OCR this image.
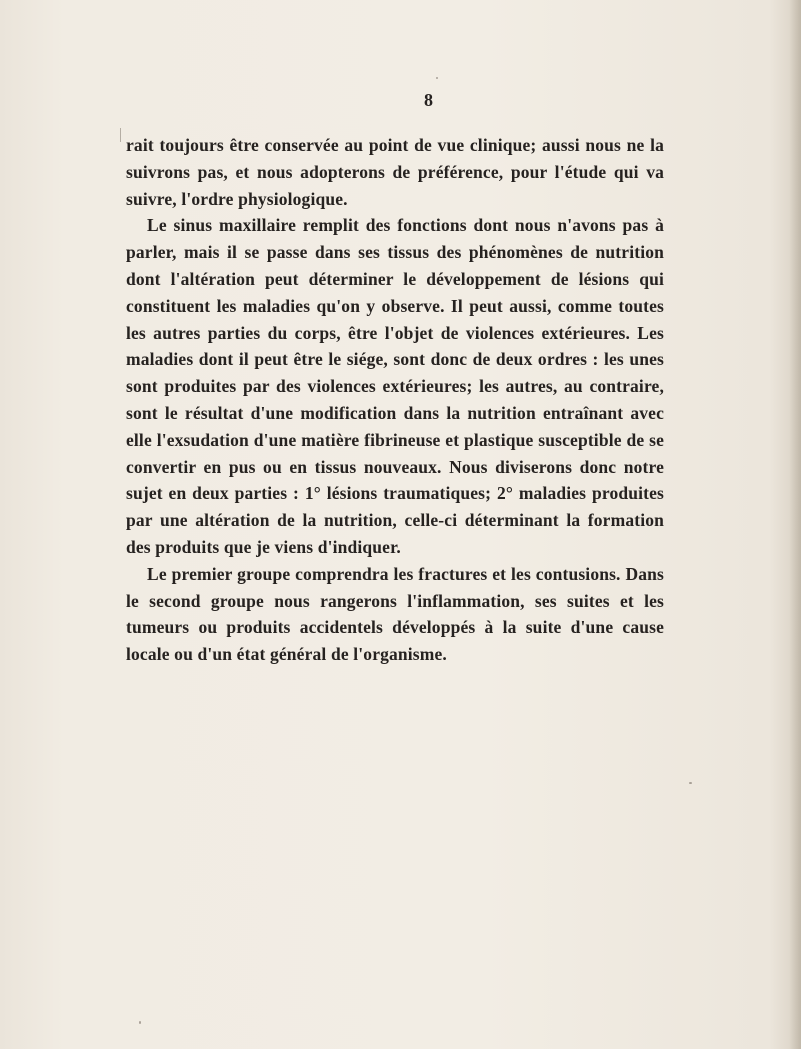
8

rait toujours être conservée au point de vue clinique; aussi nous ne la suivrons pas, et nous adopterons de préférence, pour l'étude qui va suivre, l'ordre physiologique.

Le sinus maxillaire remplit des fonctions dont nous n'avons pas à parler, mais il se passe dans ses tissus des phénomènes de nutrition dont l'altération peut déterminer le développement de lésions qui constituent les maladies qu'on y observe. Il peut aussi, comme toutes les autres parties du corps, être l'objet de violences extérieures. Les maladies dont il peut être le siége, sont donc de deux ordres : les unes sont produites par des violences extérieures; les autres, au contraire, sont le résultat d'une modification dans la nutrition entraînant avec elle l'exsudation d'une matière fibrineuse et plastique susceptible de se convertir en pus ou en tissus nouveaux. Nous diviserons donc notre sujet en deux parties : 1° lésions traumatiques; 2° maladies produites par une altération de la nutrition, celle-ci déterminant la formation des produits que je viens d'indiquer.

Le premier groupe comprendra les fractures et les contusions. Dans le second groupe nous rangerons l'inflammation, ses suites et les tumeurs ou produits accidentels développés à la suite d'une cause locale ou d'un état général de l'organisme.
